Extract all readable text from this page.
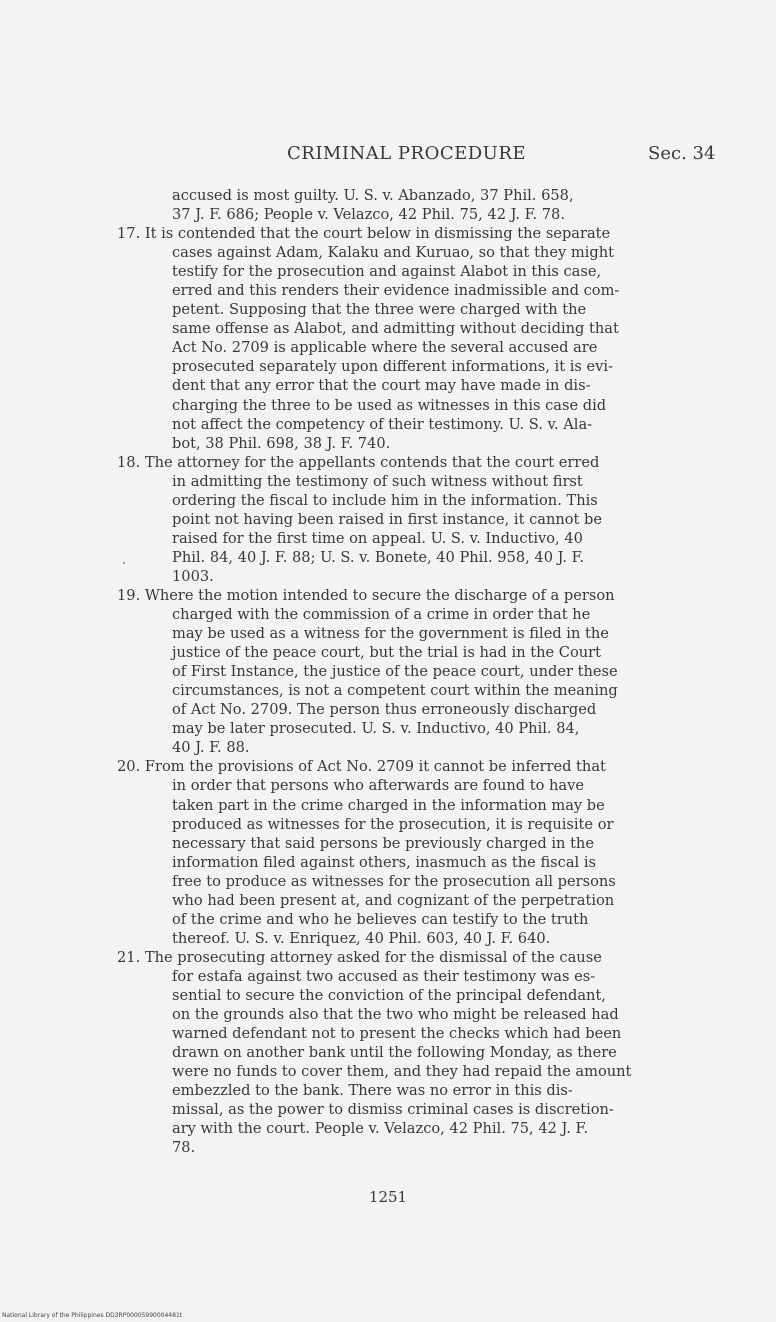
CRIMINAL PROCEDURE	Sec. 34
accused is most guilty. U. S. v. Abanzado, 37 Phil. 658,
37 J. F. 686; People v. Velazco, 42 Phil. 75, 42 J. F. 78.
17. It is contended that the court below in dismissing the separate
cases against Adam, Kalaku and Kuruao, so that they might
testify for the prosecution and against Alabot in this case,
erred and this renders their evidence inadmissible and com-
petent. Supposing that the three were charged with the
same offense as Alabot, and admitting without deciding that
Act No. 2709 is applicable where the several accused are
prosecuted separately upon different informations, it is evi-
dent that any error that the court may have made in dis-
charging the three to be used as witnesses in this case did
not affect the competency of their testimony. U. S. v. Ala-
bot, 38 Phil. 698, 38 J. F. 740.
18. The attorney for the appellants contends that the court erred
in admitting the testimony of such witness without first
ordering the fiscal to include him in the information. This
point not having been raised in first instance, it cannot be
raised for the first time on appeal. U. S. v. Inductivo, 40
Phil. 84, 40 J. F. 88; U. S. v. Bonete, 40 Phil. 958, 40 J. F.
1003.
19. Where the motion intended to secure the discharge of a person
charged with the commission of a crime in order that he
may be used as a witness for the government is filed in the
justice of the peace court, but the trial is had in the Court
of First Instance, the justice of the peace court, under these
circumstances, is not a competent court within the meaning
of Act No. 2709. The person thus erroneously discharged
may be later prosecuted. U. S. v. Inductivo, 40 Phil. 84,
40 J. F. 88.
20. From the provisions of Act No. 2709 it cannot be inferred that
in order that persons who afterwards are found to have
taken part in the crime charged in the information may be
produced as witnesses for the prosecution, it is requisite or
necessary that said persons be previously charged in the
information filed against others, inasmuch as the fiscal is
free to produce as witnesses for the prosecution all persons
who had been present at, and cognizant of the perpetration
of the crime and who he believes can testify to the truth
thereof. U. S. v. Enriquez, 40 Phil. 603, 40 J. F. 640.
21. The prosecuting attorney asked for the dismissal of the cause
for estafa against two accused as their testimony was es-
sential to secure the conviction of the principal defendant,
on the grounds also that the two who might be released had
warned defendant not to present the checks which had been
drawn on another bank until the following Monday, as there
were no funds to cover them, and they had repaid the amount
embezzled to the bank. There was no error in this dis-
missal, as the power to dismiss criminal cases is discretion-
ary with the court. People v. Velazco, 42 Phil. 75, 42 J. F.
78.
1251
National Library of the Philippines DD3RP00005990004481t
